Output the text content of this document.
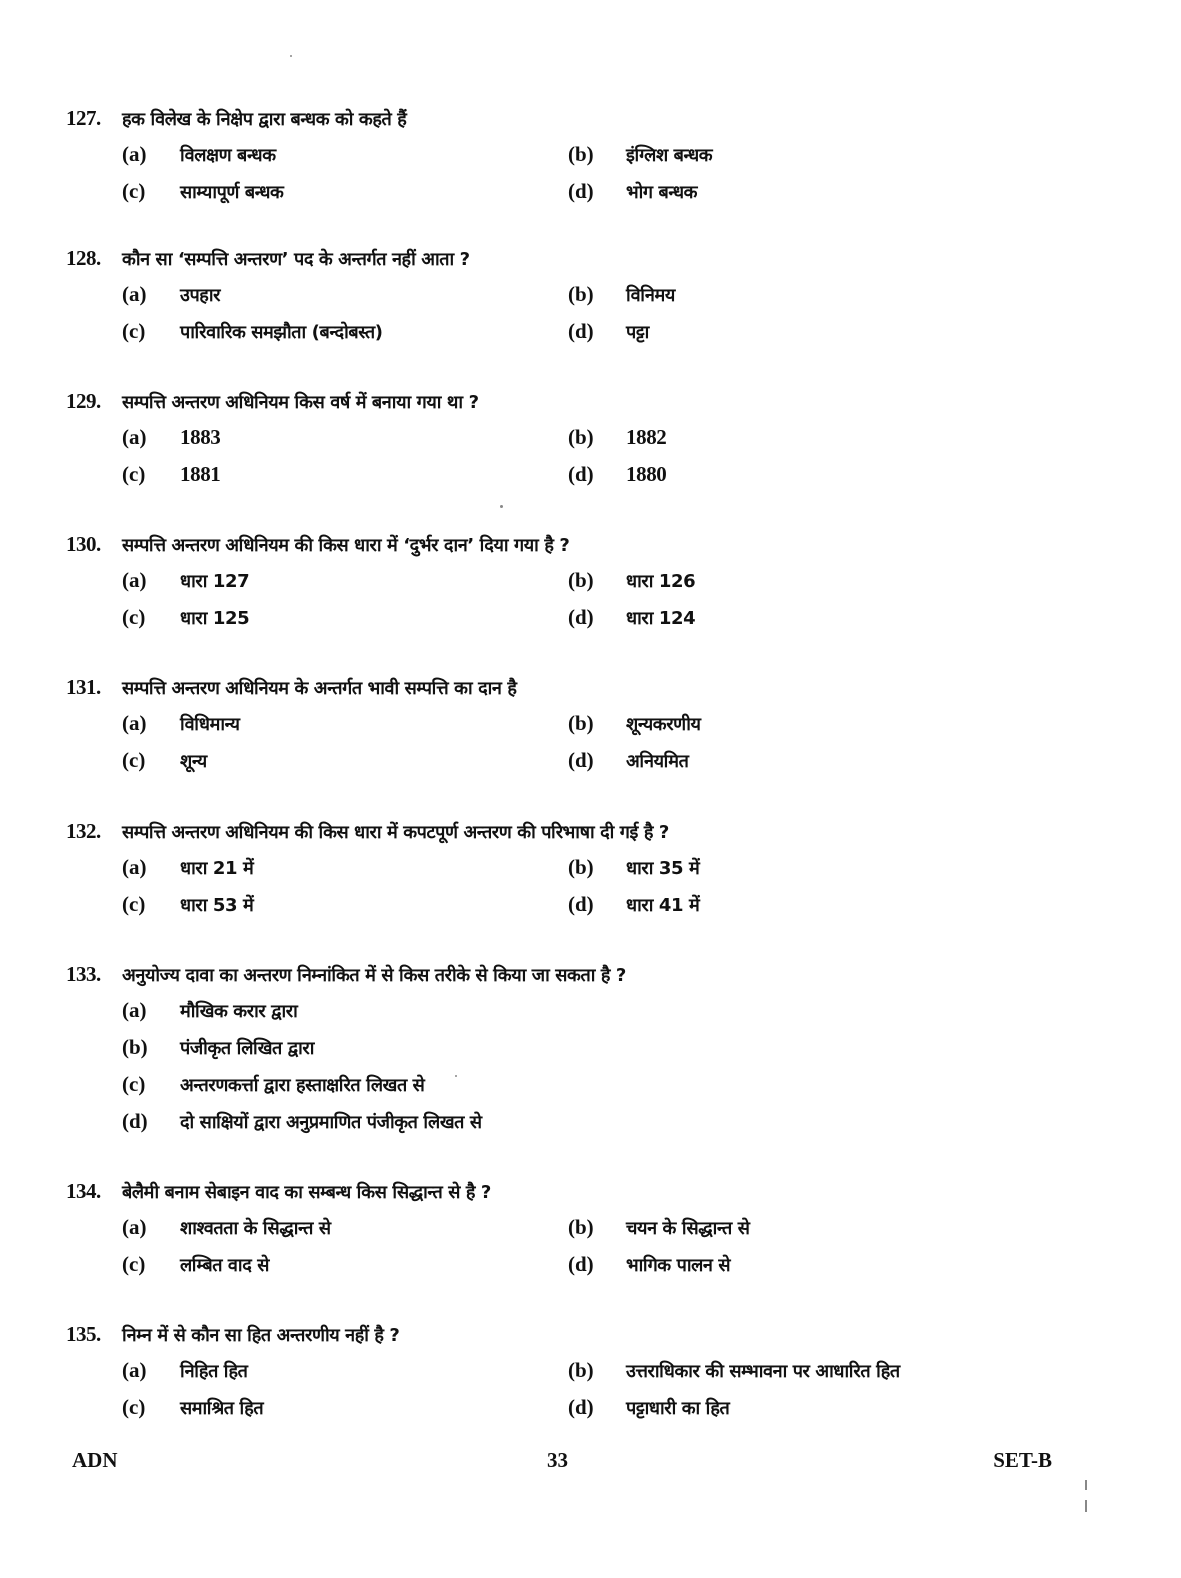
127.	हक विलेख के निक्षेप द्वारा बन्धक को कहते हैं
(a)	विलक्षण बन्धक	(b)	इंग्लिश बन्धक
(c)	साम्यापूर्ण बन्धक	(d)	भोग बन्धक
128.	कौन सा ‘सम्पत्ति अन्तरण’ पद के अन्तर्गत नहीं आता ?
(a)	उपहार	(b)	विनिमय
(c)	पारिवारिक समझौता (बन्दोबस्त)	(d)	पट्टा
129.	सम्पत्ति अन्तरण अधिनियम किस वर्ष में बनाया गया था ?
(a)	1883	(b)	1882
(c)	1881	(d)	1880
130.	सम्पत्ति अन्तरण अधिनियम की किस धारा में ‘दुर्भर दान’ दिया गया है ?
(a)	धारा 127	(b)	धारा 126
(c)	धारा 125	(d)	धारा 124
131.	सम्पत्ति अन्तरण अधिनियम के अन्तर्गत भावी सम्पत्ति का दान है
(a)	विधिमान्य	(b)	शून्यकरणीय
(c)	शून्य	(d)	अनियमित
132.	सम्पत्ति अन्तरण अधिनियम की किस धारा में कपटपूर्ण अन्तरण की परिभाषा दी गई है ?
(a)	धारा 21 में	(b)	धारा 35 में
(c)	धारा 53 में	(d)	धारा 41 में
133.	अनुयोज्य दावा का अन्तरण निम्नांकित में से किस तरीके से किया जा सकता है ?
(a)	मौखिक करार द्वारा
(b)	पंजीकृत लिखित द्वारा
(c)	अन्तरणकर्त्ता द्वारा हस्ताक्षरित लिखत से
(d)	दो साक्षियों द्वारा अनुप्रमाणित पंजीकृत लिखत से
134.	बेलैमी बनाम सेबाइन वाद का सम्बन्ध किस सिद्धान्त से है ?
(a)	शाश्वतता के सिद्धान्त से	(b)	चयन के सिद्धान्त से
(c)	लम्बित वाद से	(d)	भागिक पालन से
135.	निम्न में से कौन सा हित अन्तरणीय नहीं है ?
(a)	निहित हित	(b)	उत्तराधिकार की सम्भावना पर आधारित हित
(c)	समाश्रित हित	(d)	पट्टाधारी का हित
ADN	33	SET-B
